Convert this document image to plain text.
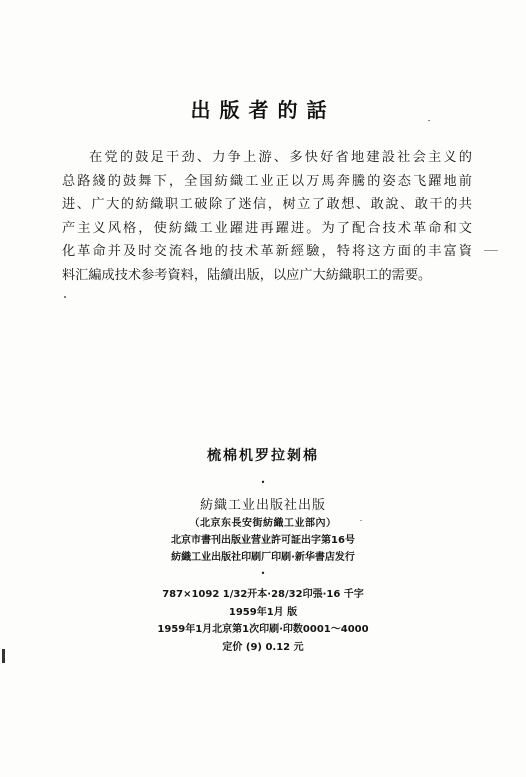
出版者的話
在党的鼓足干劲、力争上游、多快好省地建設社会主义的
总路綫的鼓舞下，全国紡織工业正以万馬奔騰的姿态飞躍地前
进、广大的紡織职工破除了迷信，树立了敢想、敢說、敢干的共
产主义风格，使紡織工业躍进再躍进。为了配合技术革命和文
化革命并及时交流各地的技术革新經驗，特将这方面的丰富資
料汇編成技术参考資料，陆續出版，以应广大紡織职工的需要。
梳棉机罗拉剝棉
•
紡織工业出版社出版
（北京东長安街紡織工业部內）
北京市書刊出版业营业許可証出字第16号
紡織工业出版社印刷厂印刷·新华書店发行
•
787×1092 1/32开本·28/32印張·16 千字
1959年1月 版
1959年1月北京第1次印刷·印数0001～4000
定价 (9) 0.12 元
